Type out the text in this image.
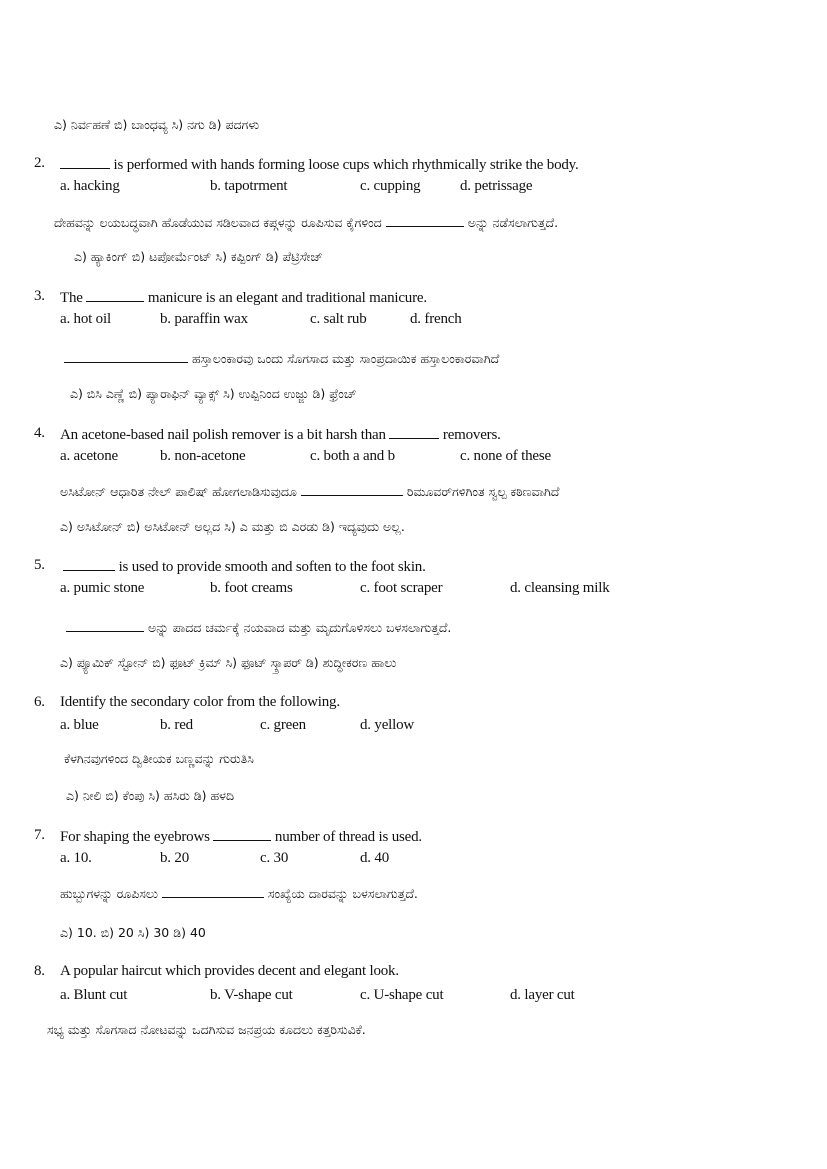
ಎ) ನಿರ್ವಹಣೆ ಬಿ) ಬಾಂಧವ್ಯ ಸಿ) ನಗು ಡಿ) ಪದಗಳು
2.	is performed with hands forming loose cups which rhythmically strike the body.
a. hacking	b. tapotrment	c. cupping	d. petrissage
ದೇಹವನ್ನು ಲಯಬದ್ಧವಾಗಿ ಹೊಡೆಯುವ ಸಡಿಲವಾದ ಕಪ್ಗಳನ್ನು ರೂಪಿಸುವ ಕೈಗಳಿಂದ	ಅನ್ನು ನಡೆಸಲಾಗುತ್ತದೆ.
ಎ) ಹ್ಯಾಕಿಂಗ್ ಬಿ) ಟಪೋರ್ಮೆಂಟ್ ಸಿ) ಕಪ್ಪಿಂಗ್ ಡಿ) ಪೆಟ್ರಿಸೇಜ್
3. The	manicure is an elegant and traditional manicure.
a. hot oil	b. paraffin wax	c. salt rub	d. french
ಹಸ್ತಾಲಂಕಾರವು ಒಂದು ಸೊಗಸಾದ ಮತ್ತು ಸಾಂಪ್ರದಾಯಿಕ ಹಸ್ತಾಲಂಕಾರವಾಗಿದೆ
ಎ) ಬಿಸಿ ಎಣ್ಣೆ ಬಿ) ಪ್ಯಾರಾಫಿನ್ ವ್ಯಾಕ್ಸ್ ಸಿ) ಉಪ್ಪಿನಿಂದ ಉಜ್ಜು ಡಿ) ಫ್ರೆಂಚ್
4. An acetone-based nail polish remover is a bit harsh than	removers.
a. acetone	b. non-acetone	c. both a and b	c. none of these
ಅಸಿಟೋನ್ ಆಧಾರಿತ ನೇಲ್ ಪಾಲಿಷ್ ಹೋಗಲಾಡಿಸುವುದೂ	ರಿಮೂವರ್‌ಗಳಿಗಿಂತ ಸ್ವಲ್ಪ ಕಠಿಣವಾಗಿದೆ
ಎ) ಅಸಿಟೋನ್ ಬಿ) ಅಸಿಟೋನ್ ಅಲ್ಲದ ಸಿ) ಎ ಮತ್ತು ಬಿ ಎರಡು ಡಿ) ಇದ್ಯವುದು ಅಲ್ಲ.
5.	is used to provide smooth and soften to the foot skin.
a. pumic stone	b. foot creams	c. foot scraper	d. cleansing milk
ಅನ್ನು ಪಾದದ ಚರ್ಮಕ್ಕೆ ನಯವಾದ ಮತ್ತು ಮೃದುಗೊಳಿಸಲು ಬಳಸಲಾಗುತ್ತದೆ.
ಎ) ಪ್ಯೂಮಿಕ್ ಸ್ಟೋನ್ ಬಿ) ಫೂಟ್ ಕ್ರಿಮ್ ಸಿ) ಫೂಟ್ ಸ್ಕ್ರಾಪರ್ ಡಿ) ಶುದ್ಧೀಕರಣ ಹಾಲು
6. Identify the secondary color from the following.
a. blue	b. red	c. green	d. yellow
ಕೆಳಗಿನವುಗಳಿಂದ ದ್ವಿತೀಯಕ ಬಣ್ಣವನ್ನು ಗುರುತಿಸಿ
ಎ) ನೀಲಿ ಬಿ) ಕೆಂಪು ಸಿ) ಹಸಿರು ಡಿ) ಹಳದಿ
7. For shaping the eyebrows	number of thread is used.
a. 10.	b. 20	c. 30	d. 40
ಹುಬ್ಬುಗಳನ್ನು ರೂಪಿಸಲು	ಸಂಖ್ಯೆಯ ದಾರವನ್ನು ಬಳಸಲಾಗುತ್ತದೆ.
ಎ) 10. ಬಿ) 20 ಸಿ) 30 ಡಿ) 40
8. A popular haircut which provides decent and elegant look.
a. Blunt cut	b. V-shape cut	c. U-shape cut	d. layer cut
ಸಭ್ಯ ಮತ್ತು ಸೊಗಸಾದ ನೋಟವನ್ನು ಒದಗಿಸುವ ಜನಪ್ರಯ ಕೂದಲು ಕತ್ತರಿಸುವಿಕೆ.
